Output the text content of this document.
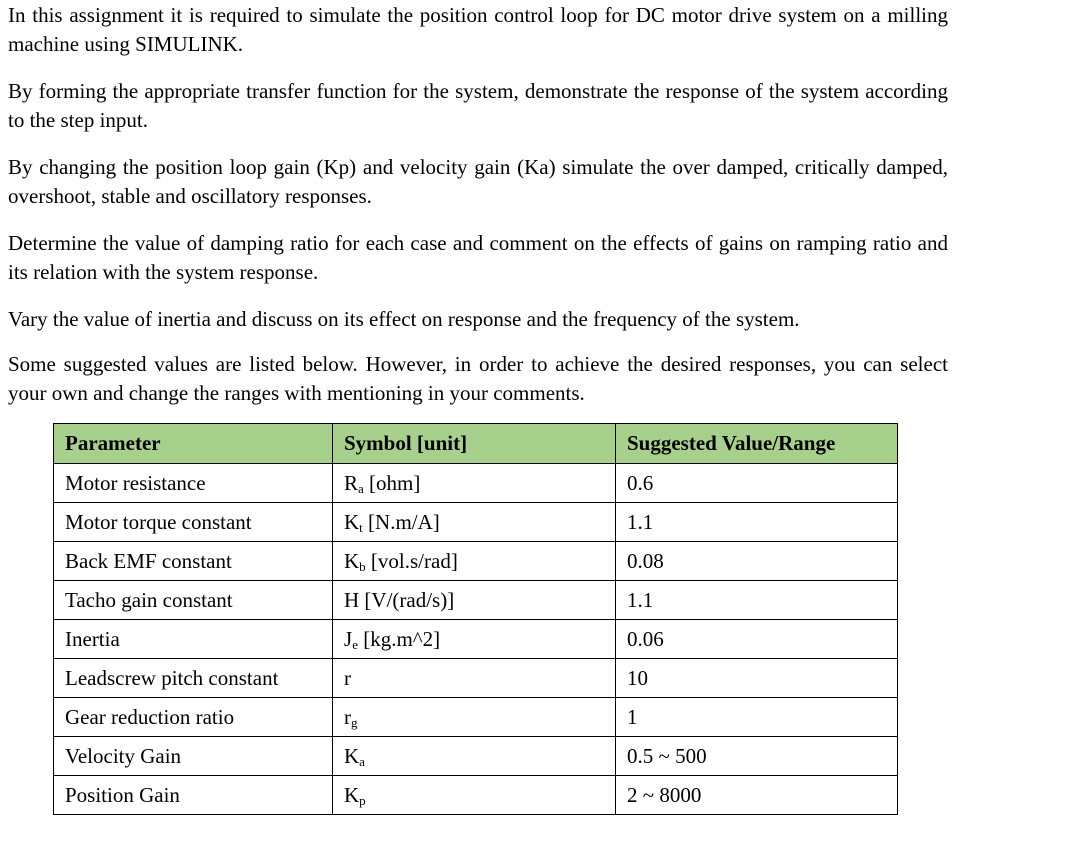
In this assignment it is required to simulate the position control loop for DC motor drive system on a milling machine using SIMULINK.

By forming the appropriate transfer function for the system, demonstrate the response of the system according to the step input.

By changing the position loop gain (Kp) and velocity gain (Ka) simulate the over damped, critically damped, overshoot, stable and oscillatory responses.

Determine the value of damping ratio for each case and comment on the effects of gains on ramping ratio and its relation with the system response.

Vary the value of inertia and discuss on its effect on response and the frequency of the system.

Some suggested values are listed below. However, in order to achieve the desired responses, you can select your own and change the ranges with mentioning in your comments.

Parameter	Symbol [unit]	Suggested Value/Range
Motor resistance	$R_a$ [ohm]	0.6
Motor torque constant	$K_t$ [N.m/A]	1.1
Back EMF constant	$K_b$ [vol.s/rad]	0.08
Tacho gain constant	H [V/(rad/s)]	1.1
Inertia	$J_e$ [kg.m^2]	0.06
Leadscrew pitch constant	r	10
Gear reduction ratio	$r_g$	1
Velocity Gain	$K_a$	0.5 ~ 500
Position Gain	$K_p$	2 ~ 8000
